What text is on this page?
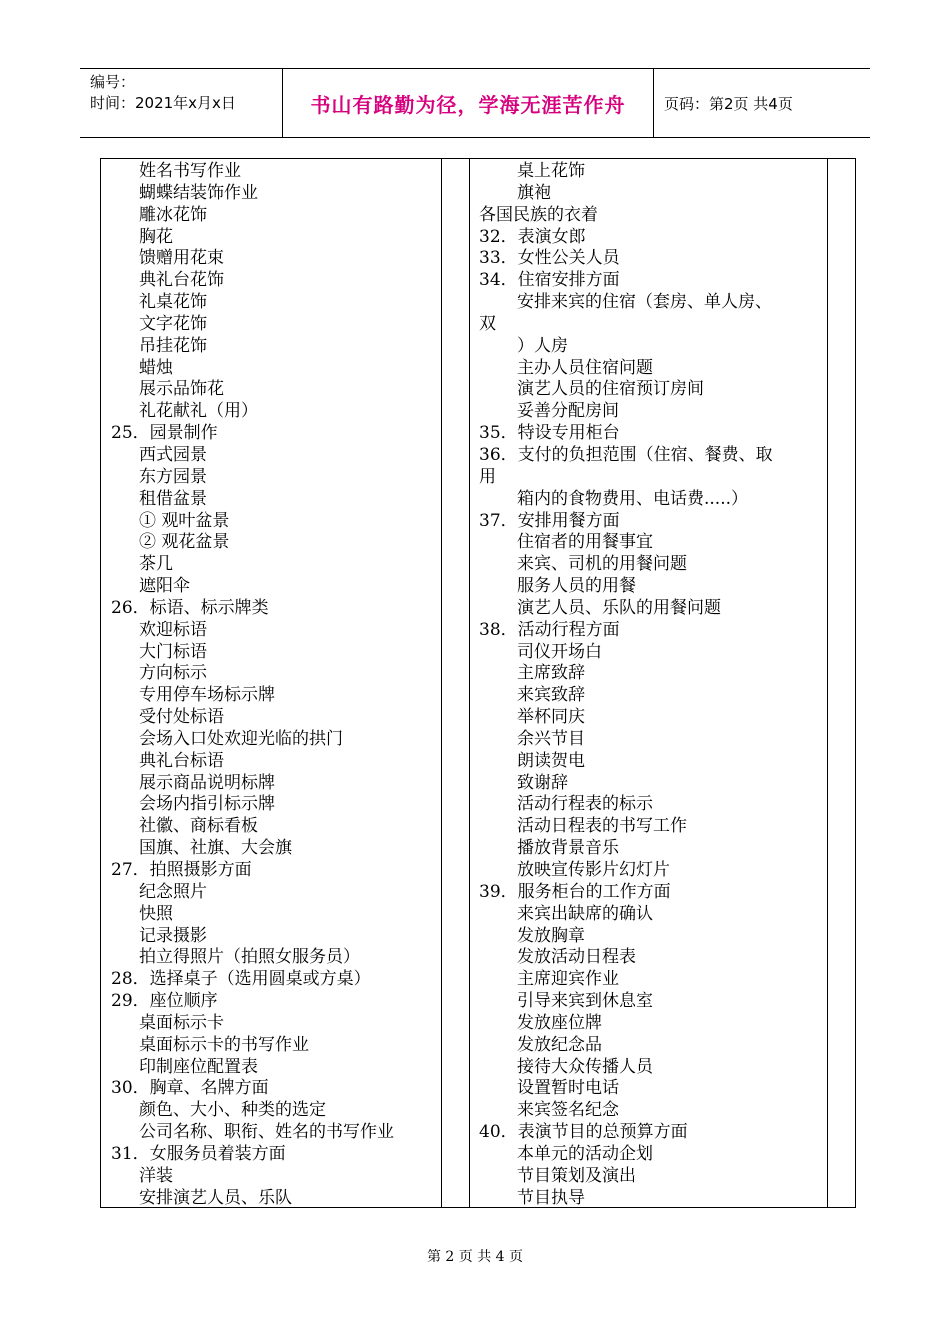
编号：
时间：2021年x月x日	书山有路勤为径，学海无涯苦作舟	页码：第2页 共4页
姓名书写作业
蝴蝶结装饰作业
雕冰花饰
胸花
馈赠用花束
典礼台花饰
礼桌花饰
文字花饰
吊挂花饰
蜡烛
展示品饰花
礼花献礼（用）
25．园景制作
西式园景
东方园景
租借盆景
① 观叶盆景
② 观花盆景
茶几
遮阳伞
26．标语、标示牌类
欢迎标语
大门标语
方向标示
专用停车场标示牌
受付处标语
会场入口处欢迎光临的拱门
典礼台标语
展示商品说明标牌
会场内指引标示牌
社徽、商标看板
国旗、社旗、大会旗
27．拍照摄影方面
纪念照片
快照
记录摄影
拍立得照片（拍照女服务员）
28．选择桌子（选用圆桌或方桌）
29．座位顺序
桌面标示卡
桌面标示卡的书写作业
印制座位配置表
30．胸章、名牌方面
颜色、大小、种类的选定
公司名称、职衔、姓名的书写作业
31．女服务员着装方面
洋装
安排演艺人员、乐队
桌上花饰
旗袍
各国民族的衣着
32．表演女郎
33．女性公关人员
34．住宿安排方面
安排来宾的住宿（套房、单人房、
双
）人房
主办人员住宿问题
演艺人员的住宿预订房间
妥善分配房间
35．特设专用柜台
36．支付的负担范围（住宿、餐费、取
用
箱内的食物费用、电话费.....）
37．安排用餐方面
住宿者的用餐事宜
来宾、司机的用餐问题
服务人员的用餐
演艺人员、乐队的用餐问题
38．活动行程方面
司仪开场白
主席致辞
来宾致辞
举杯同庆
余兴节目
朗读贺电
致谢辞
活动行程表的标示
活动日程表的书写工作
播放背景音乐
放映宣传影片幻灯片
39．服务柜台的工作方面
来宾出缺席的确认
发放胸章
发放活动日程表
主席迎宾作业
引导来宾到休息室
发放座位牌
发放纪念品
接待大众传播人员
设置暂时电话
来宾签名纪念
40．表演节目的总预算方面
本单元的活动企划
节目策划及演出
节目执导
第 2 页 共 4 页
